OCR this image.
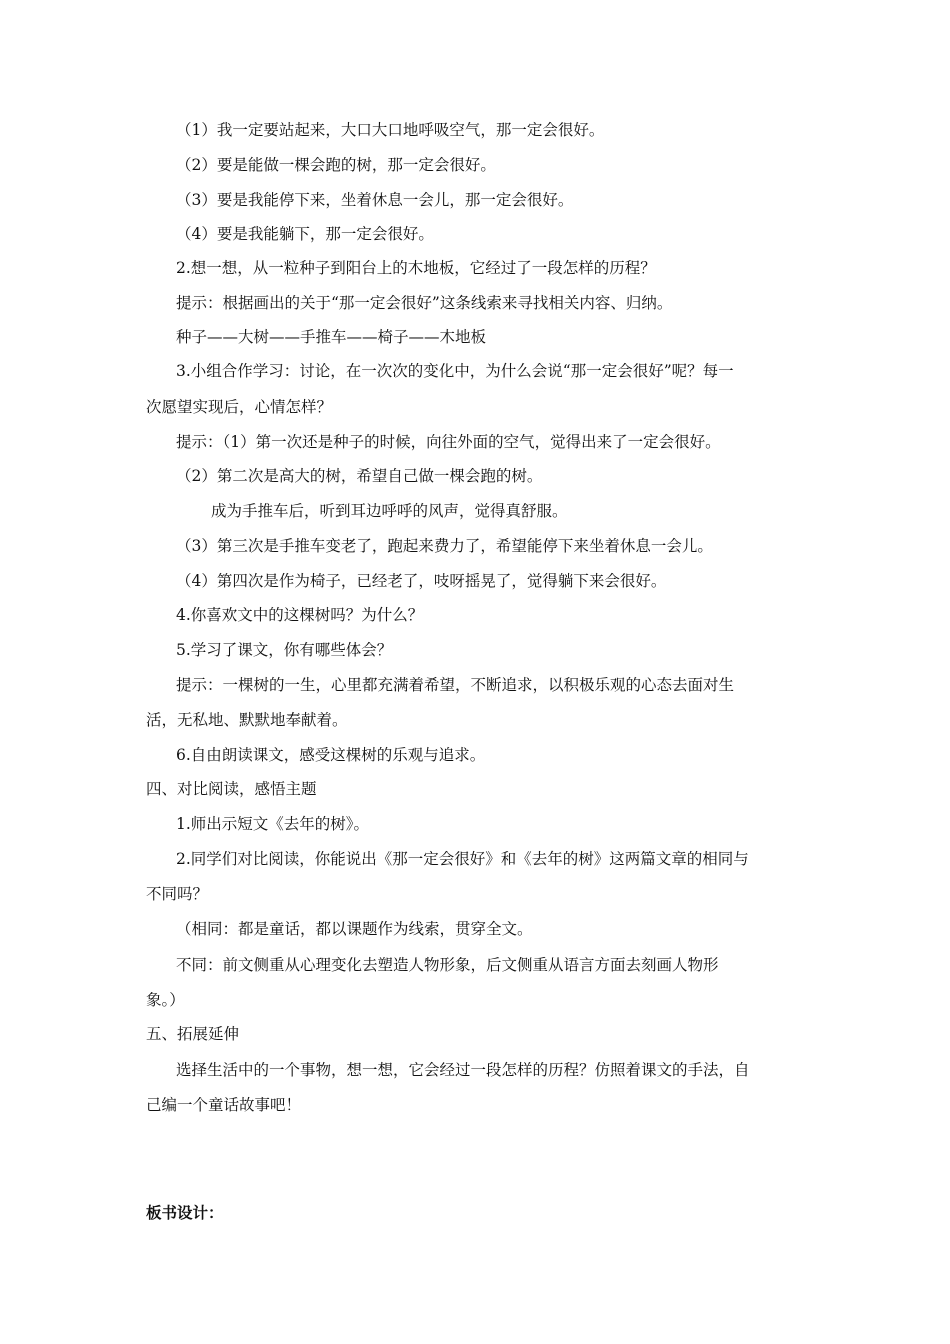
（1）我一定要站起来，大口大口地呼吸空气，那一定会很好。
（2）要是能做一棵会跑的树，那一定会很好。
（3）要是我能停下来，坐着休息一会儿，那一定会很好。
（4）要是我能躺下，那一定会很好。
2.想一想，从一粒种子到阳台上的木地板，它经过了一段怎样的历程？
提示：根据画出的关于“那一定会很好”这条线索来寻找相关内容、归纳。
种子——大树——手推车——椅子——木地板
3.小组合作学习：讨论，在一次次的变化中，为什么会说“那一定会很好”呢？每一
次愿望实现后，心情怎样？
提示：（1）第一次还是种子的时候，向往外面的空气，觉得出来了一定会很好。
（2）第二次是高大的树，希望自己做一棵会跑的树。
成为手推车后，听到耳边呼呼的风声，觉得真舒服。
（3）第三次是手推车变老了，跑起来费力了，希望能停下来坐着休息一会儿。
（4）第四次是作为椅子，已经老了，吱呀摇晃了，觉得躺下来会很好。
4.你喜欢文中的这棵树吗？为什么？
5.学习了课文，你有哪些体会？
提示：一棵树的一生，心里都充满着希望，不断追求，以积极乐观的心态去面对生
活，无私地、默默地奉献着。
6.自由朗读课文，感受这棵树的乐观与追求。
四、对比阅读，感悟主题
1.师出示短文《去年的树》。
2.同学们对比阅读，你能说出《那一定会很好》和《去年的树》这两篇文章的相同与
不同吗？
（相同：都是童话，都以课题作为线索，贯穿全文。
不同：前文侧重从心理变化去塑造人物形象，后文侧重从语言方面去刻画人物形
象。）
五、拓展延伸
选择生活中的一个事物，想一想，它会经过一段怎样的历程？仿照着课文的手法，自
己编一个童话故事吧！
板书设计：
